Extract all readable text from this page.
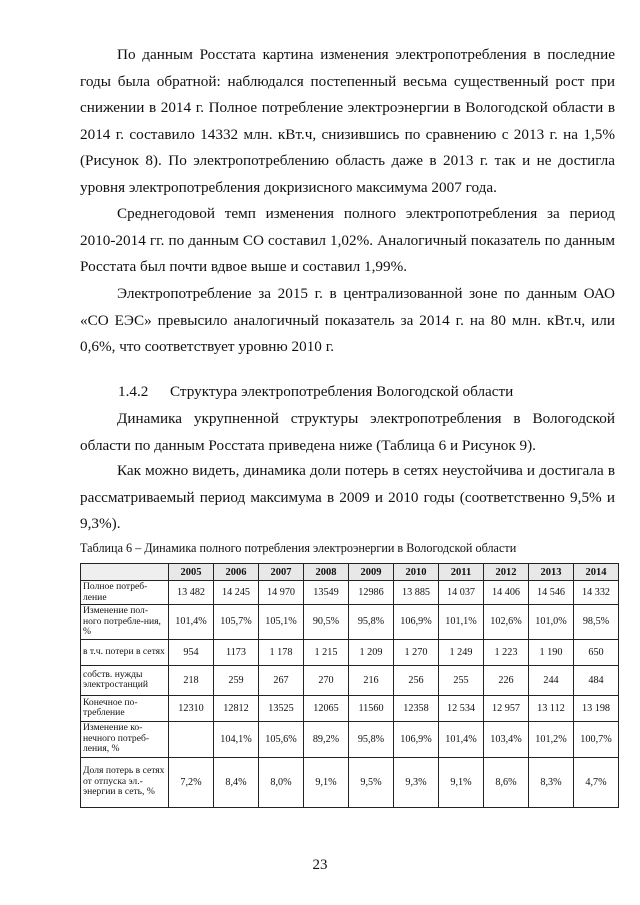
По данным Росстата картина изменения электропотребления в последние годы была обратной: наблюдался постепенный весьма существенный рост при снижении в 2014 г. Полное потребление электроэнергии в Вологодской области в 2014 г. составило 14332 млн. кВт.ч, снизившись по сравнению с 2013 г. на 1,5% (Рисунок 8). По электропотреблению область даже в 2013 г. так и не достигла уровня электропотребления докризисного максимума 2007 года.

Среднегодовой темп изменения полного электропотребления за период 2010-2014 гг. по данным СО составил 1,02%. Аналогичный показатель по данным Росстата был почти вдвое выше и составил 1,99%.

Электропотребление за 2015 г. в централизованной зоне по данным ОАО «СО ЕЭС» превысило аналогичный показатель за 2014 г. на 80 млн. кВт.ч, или 0,6%, что соответствует уровню 2010 г.

1.4.2 Структура электропотребления Вологодской области

Динамика укрупненной структуры электропотребления в Вологодской области по данным Росстата приведена ниже (Таблица 6 и Рисунок 9).

Как можно видеть, динамика доли потерь в сетях неустойчива и достигала в рассматриваемый период максимума в 2009 и 2010 годы (соответственно 9,5% и 9,3%).

Таблица 6 – Динамика полного потребления электроэнергии в Вологодской области

	2005	2006	2007	2008	2009	2010	2011	2012	2013	2014
Полное потреб-ление	13 482	14 245	14 970	13549	12986	13 885	14 037	14 406	14 546	14 332
Изменение пол-ного потребле-ния, %	101,4%	105,7%	105,1%	90,5%	95,8%	106,9%	101,1%	102,6%	101,0%	98,5%
в т.ч. потери в сетях	954	1173	1 178	1 215	1 209	1 270	1 249	1 223	1 190	650
собств. нужды электростанций	218	259	267	270	216	256	255	226	244	484
Конечное по-требление	12310	12812	13525	12065	11560	12358	12 534	12 957	13 112	13 198
Изменение ко-нечного потреб-ления, %		104,1%	105,6%	89,2%	95,8%	106,9%	101,4%	103,4%	101,2%	100,7%
Доля потерь в сетях от отпуска эл.-энергии в сеть, %	7,2%	8,4%	8,0%	9,1%	9,5%	9,3%	9,1%	8,6%	8,3%	4,7%

23
